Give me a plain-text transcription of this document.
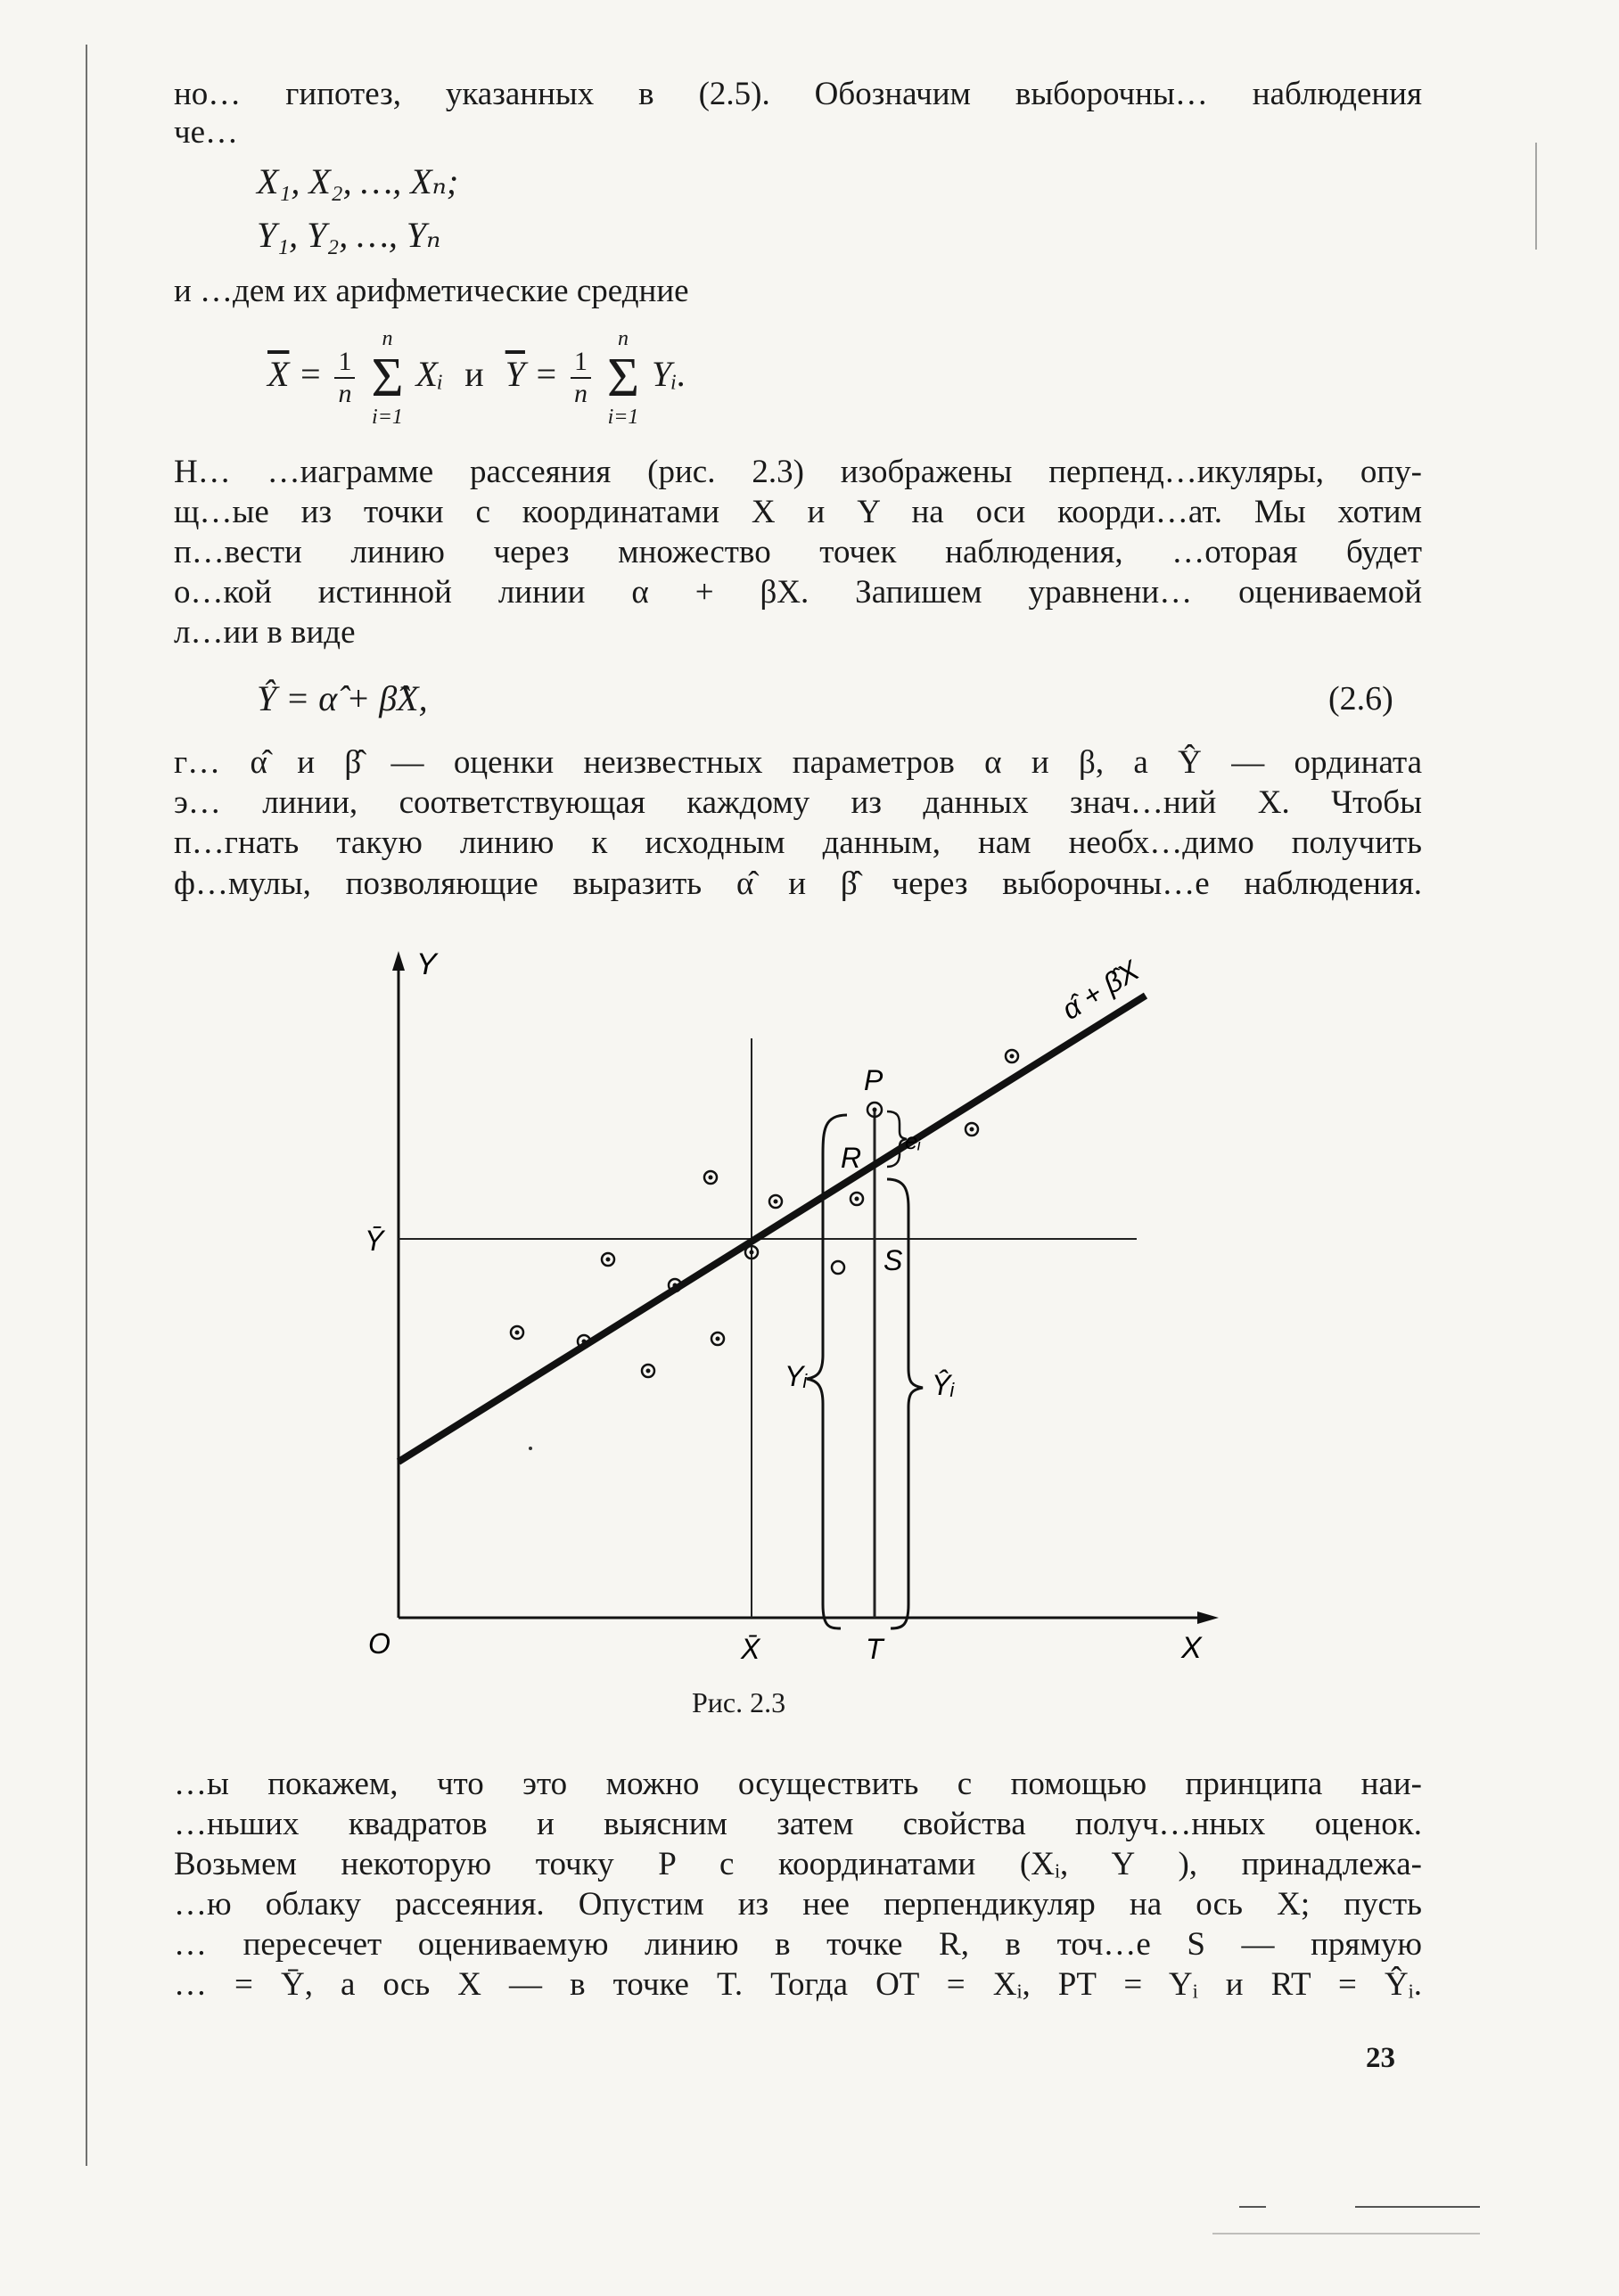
но… гипотез, указанных в (2.5). Обозначим выборочны… наблюдения
че…
X₁, X₂, …, Xₙ;
Y₁, Y₂, …, Yₙ
и …дем их арифметические средние
$\overline{X} = \frac{1}{n}$

n
Σ
i=1
Xᵢ и $\overline{Y} = \frac{1}{n}$

n
Σ
i=1
Yᵢ.
Н… …иаграмме рассеяния (рис. 2.3) изображены перпенд…икуляры, опу-
щ…ые из точки с координатами X и Y на оси коорди…ат. Мы хотим
п…вести линию через множество точек наблюдения, …оторая будет
о…кой истинной линии α + βX. Запишем уравнени… оцениваемой
л…ии в виде
Ŷ = α̂ + β̂X,	(2.6)
г… α̂ и β̂ — оценки неизвестных параметров α и β, а Ŷ — ордината
э… линии, соответствующая каждому из данных знач…ний X. Чтобы
п…гнать такую линию к исходным данным, нам необх…димо получить
ф…мулы, позволяющие выразить α̂ и β̂ через выборочны…е наблюдения.
Y
X
O
Ȳ
X̄	T
α̂ + β̂X
Yᵢ	Ŷᵢ
eᵢ
P
R
S
Рис. 2.3
…ы покажем, что это можно осуществить с помощью принципа наи-
…ньших квадратов и выясним затем свойства получ…нных оценок.
Возьмем некоторую точку P с координатами (Xᵢ, Y ), принадлежа-
…ю облаку рассеяния. Опустим из нее перпендикуляр на ось X; пусть
… пересечет оцениваемую линию в точке R, в точ…е S — прямую
… = Ȳ, а ось X — в точке T. Тогда OT = Xᵢ, PT = Yᵢ и RT = Ŷᵢ.
23
